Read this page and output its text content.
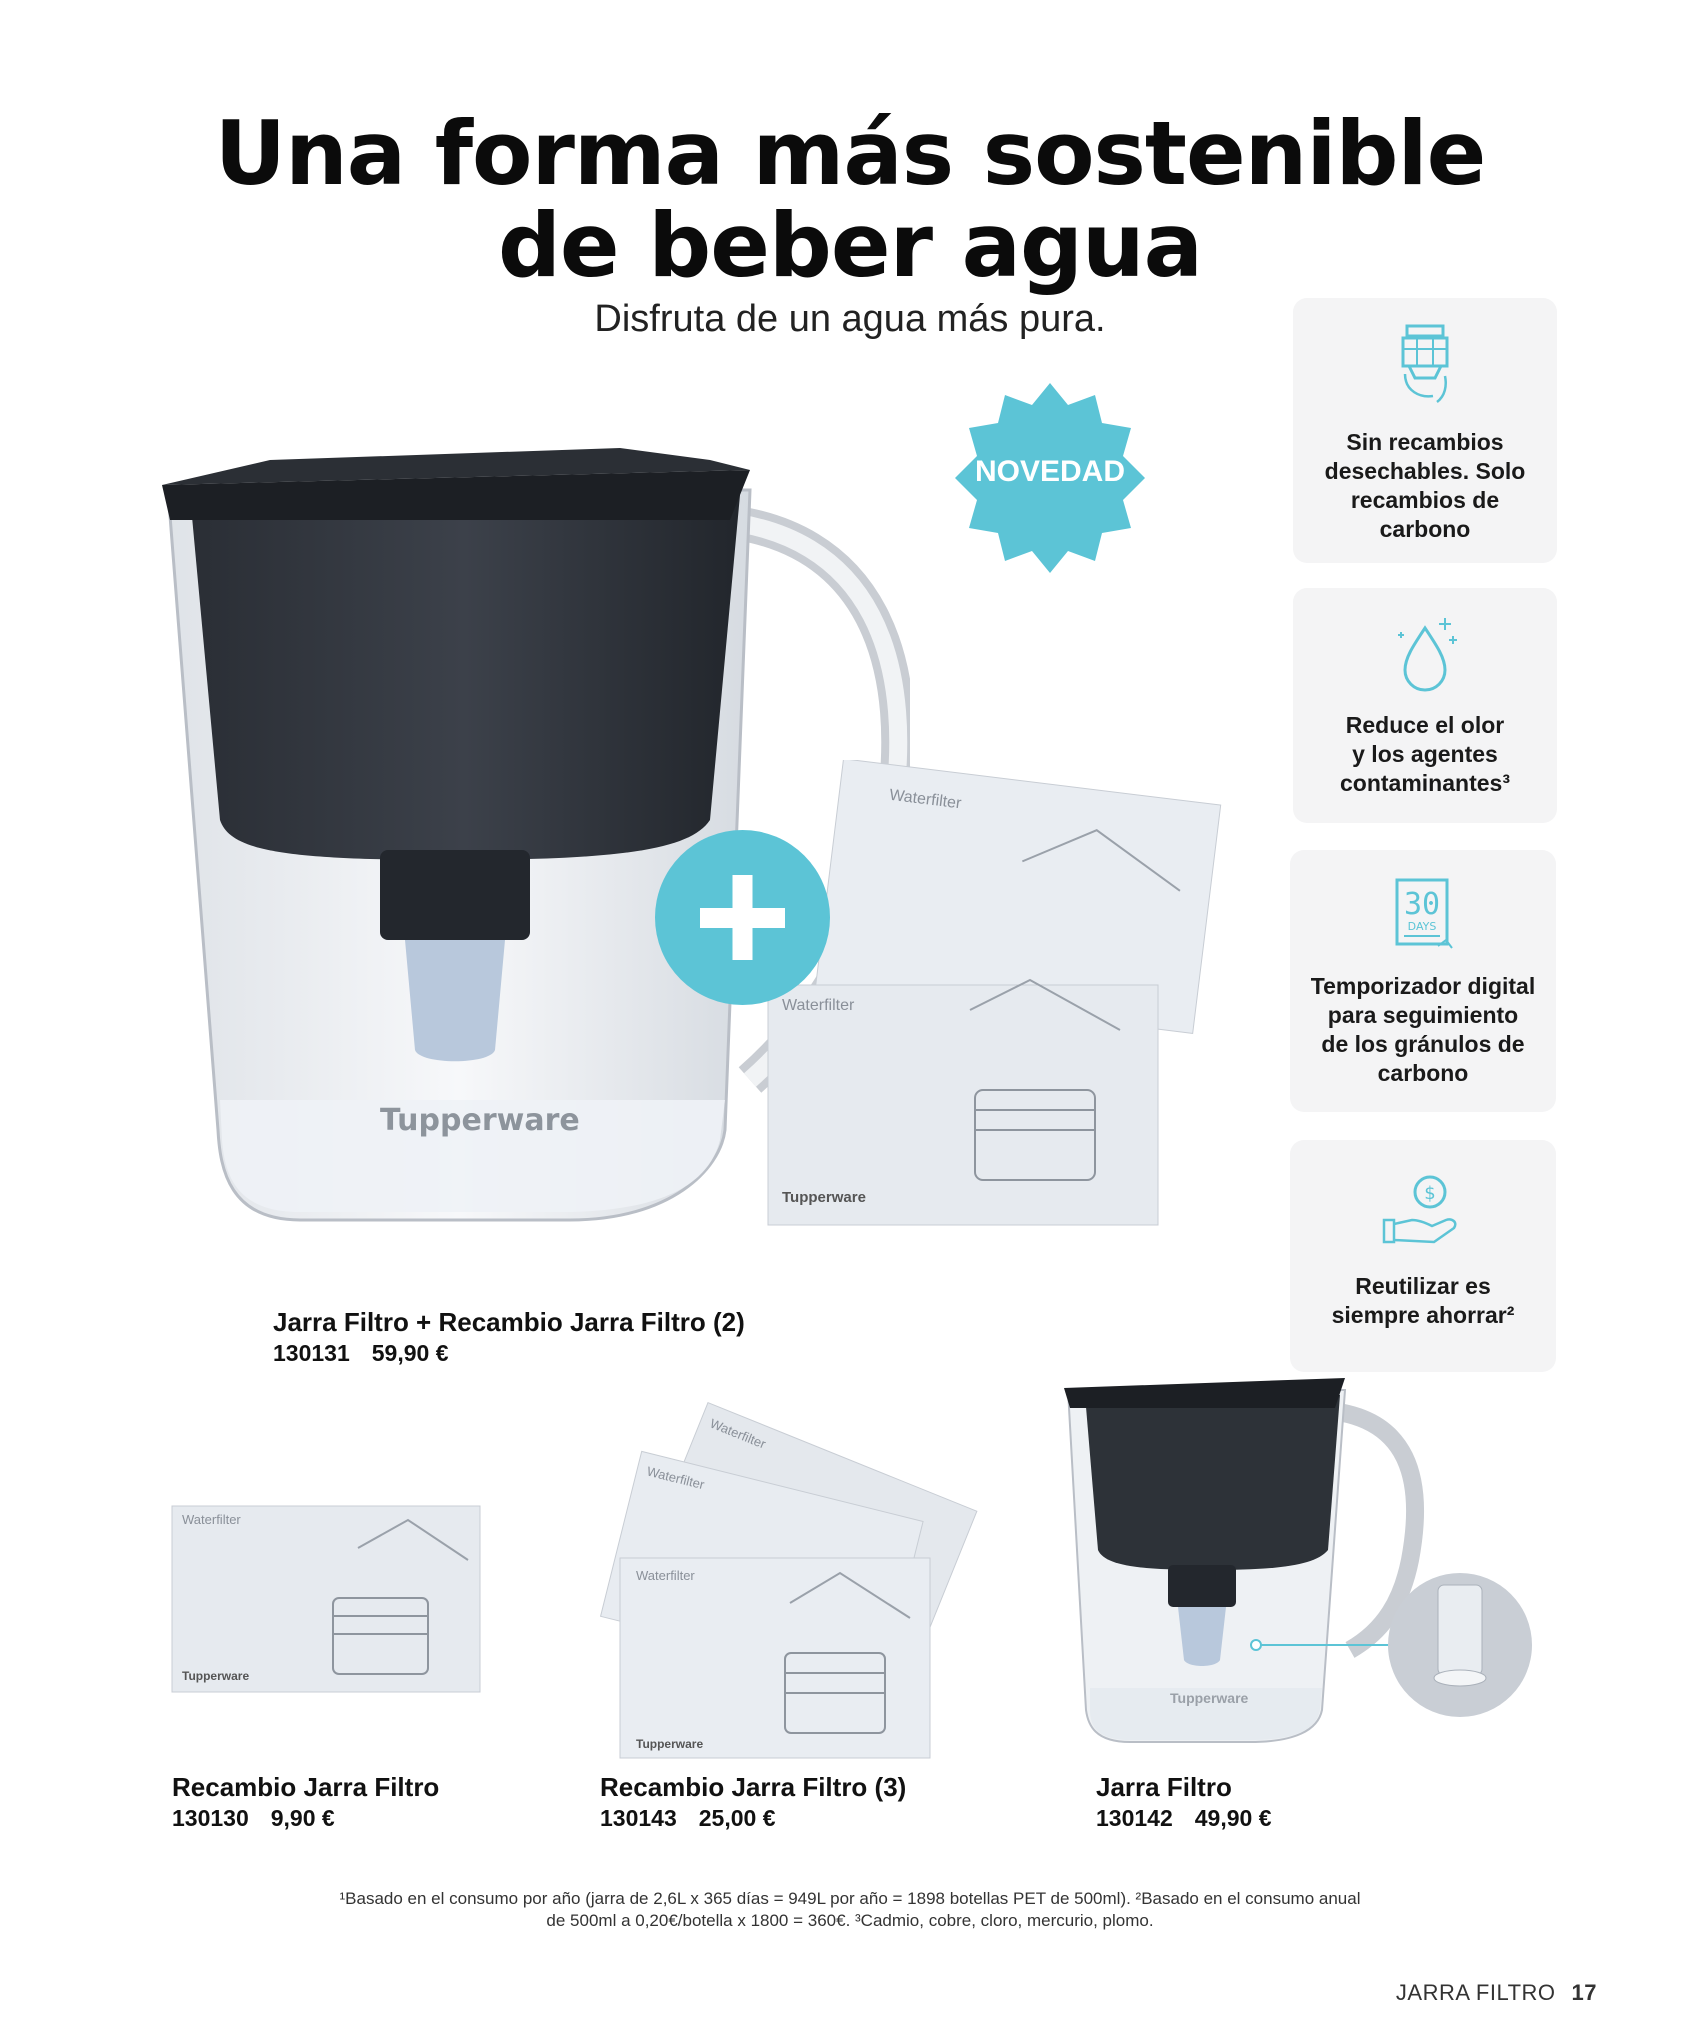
Una forma más sostenible
de beber agua
Disfruta de un agua más pura.
Tupperware
Waterfilter
Waterfilter
Tupperware
NOVEDAD
Sin recambios
desechables. Solo
recambios de
carbono
Reduce el olor
y los agentes
contaminantes³
30
DAYS
Temporizador digital
para seguimiento
de los gránulos de
carbono
$
Reutilizar es
siempre ahorrar²
Jarra Filtro + Recambio Jarra Filtro (2)
130131 59,90 €
Waterfilter
Tupperware
Waterfilter
Waterfilter
Waterfilter
Tupperware
Tupperware
Recambio Jarra Filtro
130130 9,90 €
Recambio Jarra Filtro (3)
130143 25,00 €
Jarra Filtro
130142 49,90 €
¹Basado en el consumo por año (jarra de 2,6L x 365 días = 949L por año = 1898 botellas PET de 500ml). ²Basado en el consumo anual
de 500ml a 0,20€/botella x 1800 = 360€. ³Cadmio, cobre, cloro, mercurio, plomo.
JARRA FILTRO 17
